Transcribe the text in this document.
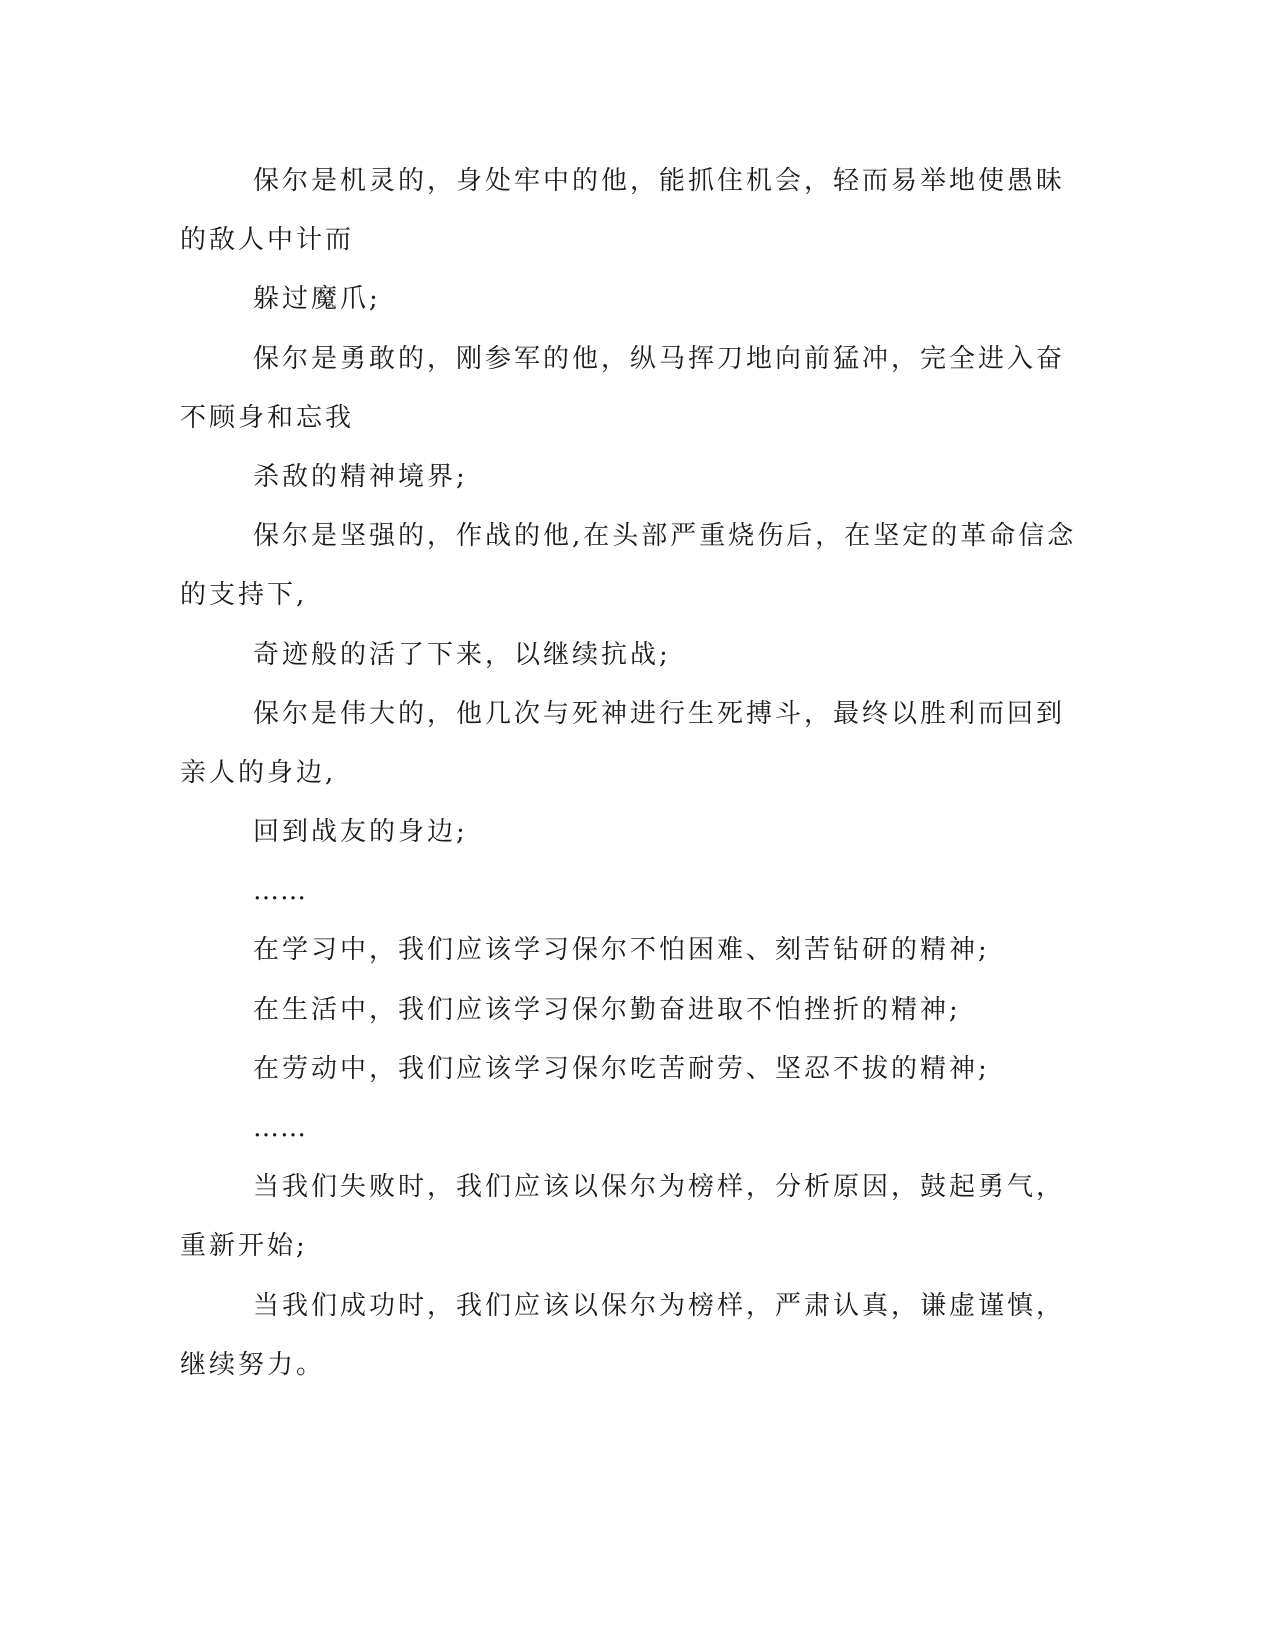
保尔是机灵的，身处牢中的他，能抓住机会，轻而易举地使愚昧
的敌人中计而
躲过魔爪;
保尔是勇敢的，刚参军的他，纵马挥刀地向前猛冲，完全进入奋
不顾身和忘我
杀敌的精神境界;
保尔是坚强的，作战的他,在头部严重烧伤后，在坚定的革命信念
的支持下,
奇迹般的活了下来，以继续抗战;
保尔是伟大的，他几次与死神进行生死搏斗，最终以胜利而回到
亲人的身边,
回到战友的身边;
……
在学习中，我们应该学习保尔不怕困难、刻苦钻研的精神;
在生活中，我们应该学习保尔勤奋进取不怕挫折的精神;
在劳动中，我们应该学习保尔吃苦耐劳、坚忍不拔的精神;
……
当我们失败时，我们应该以保尔为榜样，分析原因，鼓起勇气，
重新开始;
当我们成功时，我们应该以保尔为榜样，严肃认真，谦虚谨慎，
继续努力。
